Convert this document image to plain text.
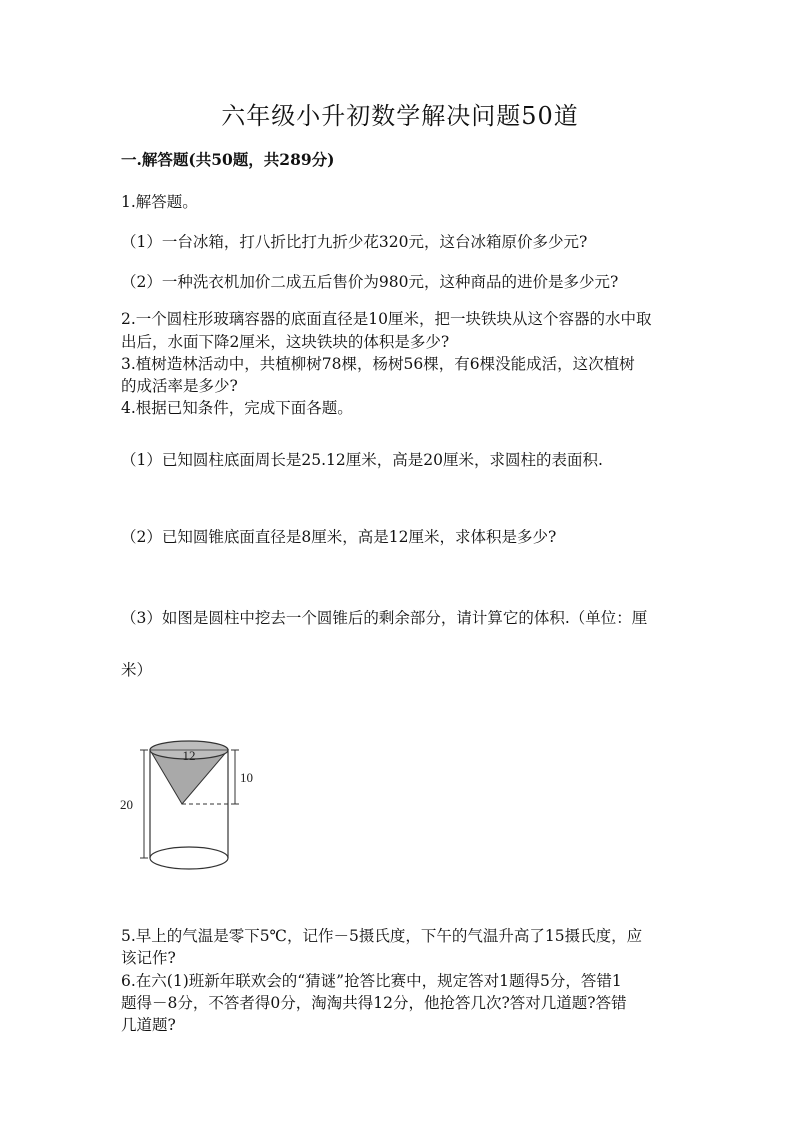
六年级小升初数学解决问题50道
一.解答题(共50题，共289分)
1.解答题。
（1）一台冰箱，打八折比打九折少花320元，这台冰箱原价多少元?
（2）一种洗衣机加价二成五后售价为980元，这种商品的进价是多少元?
2.一个圆柱形玻璃容器的底面直径是10厘米，把一块铁块从这个容器的水中取
出后，水面下降2厘米，这块铁块的体积是多少?
3.植树造林活动中，共植柳树78棵，杨树56棵，有6棵没能成活，这次植树
的成活率是多少?
4.根据已知条件，完成下面各题。
（1）已知圆柱底面周长是25.12厘米，高是20厘米，求圆柱的表面积.
（2）已知圆锥底面直径是8厘米，高是12厘米，求体积是多少?
（3）如图是圆柱中挖去一个圆锥后的剩余部分，请计算它的体积.（单位：厘
米）
12
10
20
5.早上的气温是零下5℃，记作－5摄氏度，下午的气温升高了15摄氏度，应
该记作?
6.在六(1)班新年联欢会的“猜谜”抢答比赛中，规定答对1题得5分，答错1
题得－8分，不答者得0分，淘淘共得12分，他抢答几次?答对几道题?答错
几道题?
